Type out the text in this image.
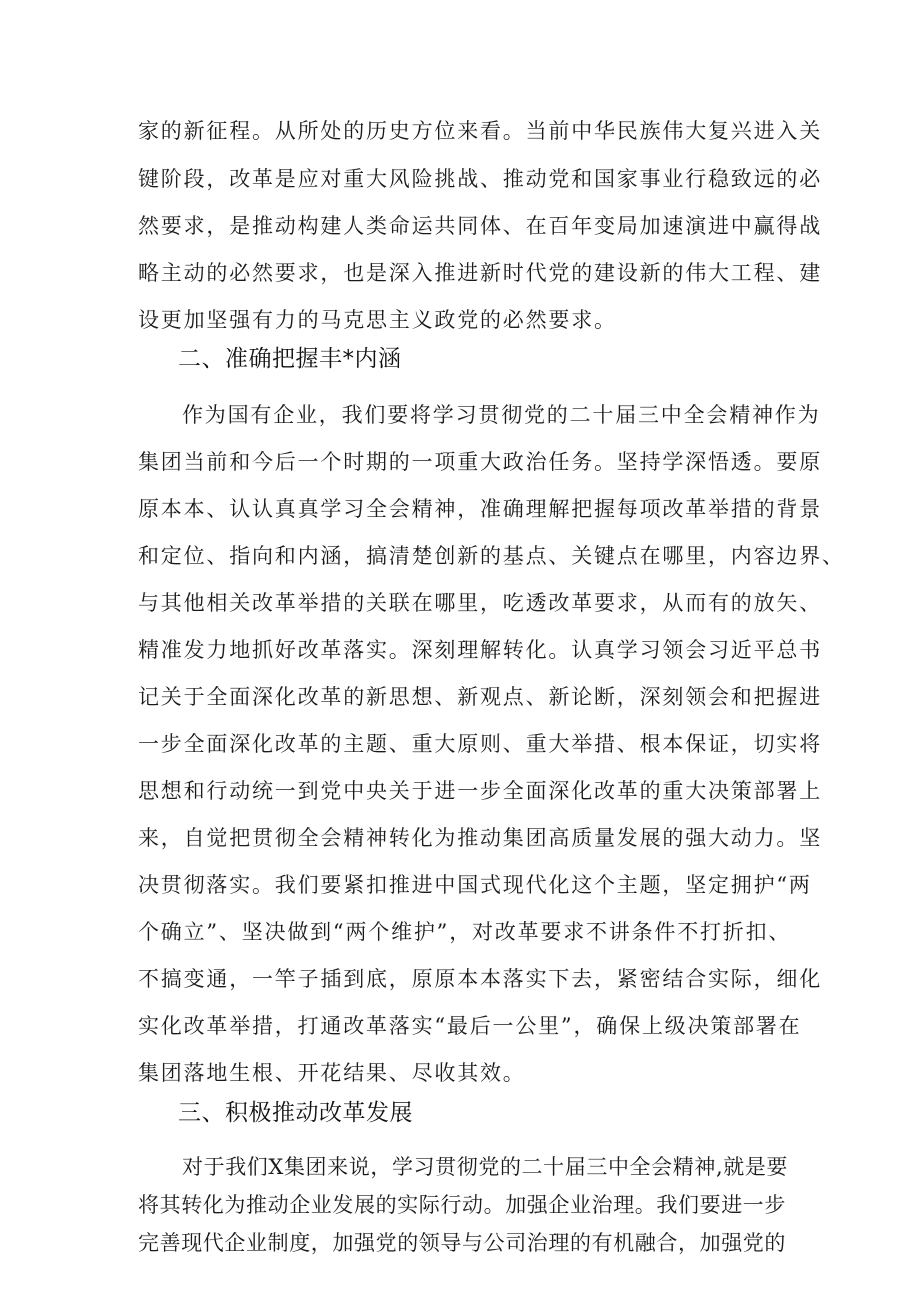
家的新征程。从所处的历史方位来看。当前中华民族伟大复兴进入关
键阶段，改革是应对重大风险挑战、推动党和国家事业行稳致远的必
然要求，是推动构建人类命运共同体、在百年变局加速演进中赢得战
略主动的必然要求，也是深入推进新时代党的建设新的伟大工程、建
设更加坚强有力的马克思主义政党的必然要求。
二、准确把握丰*内涵
作为国有企业，我们要将学习贯彻党的二十届三中全会精神作为
集团当前和今后一个时期的一项重大政治任务。坚持学深悟透。要原
原本本、认认真真学习全会精神，准确理解把握每项改革举措的背景
和定位、指向和内涵，搞清楚创新的基点、关键点在哪里，内容边界、
与其他相关改革举措的关联在哪里，吃透改革要求，从而有的放矢、
精准发力地抓好改革落实。深刻理解转化。认真学习领会习近平总书
记关于全面深化改革的新思想、新观点、新论断，深刻领会和把握进
一步全面深化改革的主题、重大原则、重大举措、根本保证，切实将
思想和行动统一到党中央关于进一步全面深化改革的重大决策部署上
来，自觉把贯彻全会精神转化为推动集团高质量发展的强大动力。坚
决贯彻落实。我们要紧扣推进中国式现代化这个主题，坚定拥护“两
个确立”、坚决做到“两个维护”，对改革要求不讲条件不打折扣、
不搞变通，一竿子插到底，原原本本落实下去，紧密结合实际，细化
实化改革举措，打通改革落实“最后一公里”，确保上级决策部署在
集团落地生根、开花结果、尽收其效。
三、积极推动改革发展
对于我们X集团来说，学习贯彻党的二十届三中全会精神,就是要
将其转化为推动企业发展的实际行动。加强企业治理。我们要进一步
完善现代企业制度，加强党的领导与公司治理的有机融合，加强党的
